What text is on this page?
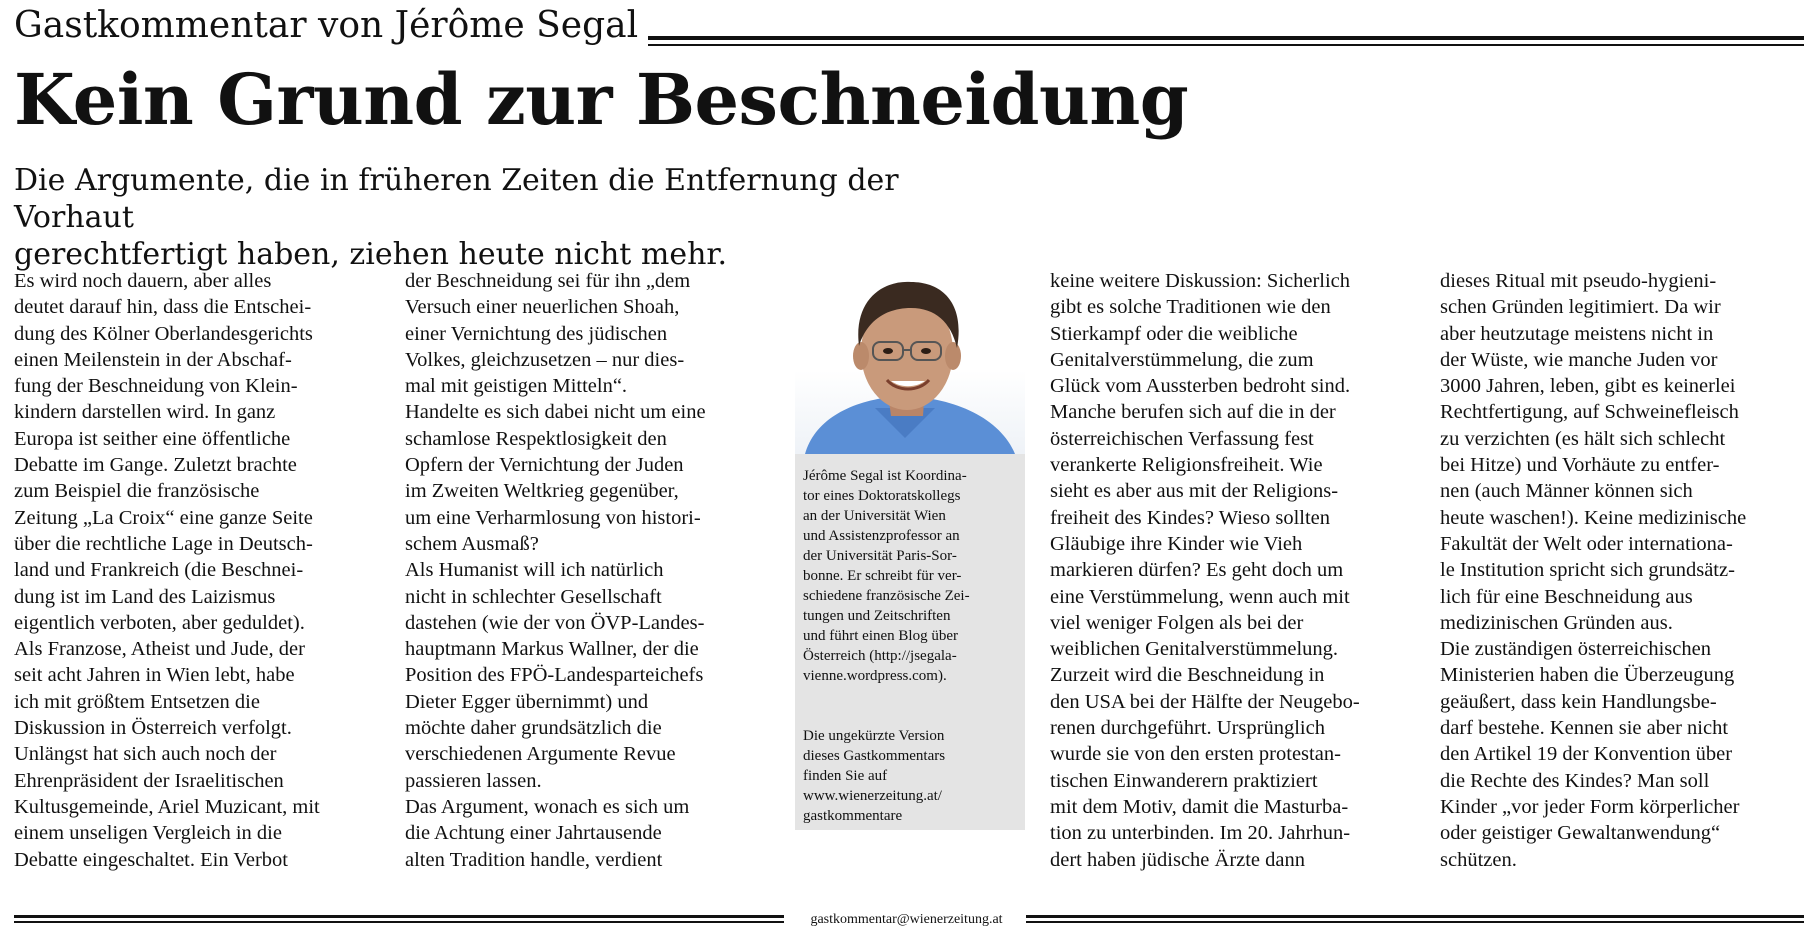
Gastkommentar von Jérôme Segal
Kein Grund zur Beschneidung

Die Argumente, die in früheren Zeiten die Entfernung der Vorhaut
gerechtfertigt haben, ziehen heute nicht mehr.

Es wird noch dauern, aber alles
deutet darauf hin, dass die Entschei-
dung des Kölner Oberlandesgerichts
einen Meilenstein in der Abschaf-
fung der Beschneidung von Klein-
kindern darstellen wird. In ganz
Europa ist seither eine öffentliche
Debatte im Gange. Zuletzt brachte
zum Beispiel die französische
Zeitung „La Croix“ eine ganze Seite
über die rechtliche Lage in Deutsch-
land und Frankreich (die Beschnei-
dung ist im Land des Laizismus
eigentlich verboten, aber geduldet).
Als Franzose, Atheist und Jude, der
seit acht Jahren in Wien lebt, habe
ich mit größtem Entsetzen die
Diskussion in Österreich verfolgt.
Unlängst hat sich auch noch der
Ehrenpräsident der Israelitischen
Kultusgemeinde, Ariel Muzicant, mit
einem unseligen Vergleich in die
Debatte eingeschaltet. Ein Verbot

der Beschneidung sei für ihn „dem
Versuch einer neuerlichen Shoah,
einer Vernichtung des jüdischen
Volkes, gleichzusetzen – nur dies-
mal mit geistigen Mitteln“.
Handelte es sich dabei nicht um eine
schamlose Respektlosigkeit den
Opfern der Vernichtung der Juden
im Zweiten Weltkrieg gegenüber,
um eine Verharmlosung von histori-
schem Ausmaß?
Als Humanist will ich natürlich
nicht in schlechter Gesellschaft
dastehen (wie der von ÖVP-Landes-
hauptmann Markus Wallner, der die
Position des FPÖ-Landesparteichefs
Dieter Egger übernimmt) und
möchte daher grundsätzlich die
verschiedenen Argumente Revue
passieren lassen.
Das Argument, wonach es sich um
die Achtung einer Jahrtausende
alten Tradition handle, verdient

Jérôme Segal ist Koordina-
tor eines Doktoratskollegs
an der Universität Wien
und Assistenzprofessor an
der Universität Paris-Sor-
bonne. Er schreibt für ver-
schiedene französische Zei-
tungen und Zeitschriften
und führt einen Blog über
Österreich (http://jsegala-
vienne.wordpress.com).

Die ungekürzte Version
dieses Gastkommentars
finden Sie auf
www.wienerzeitung.at/
gastkommentare

keine weitere Diskussion: Sicherlich
gibt es solche Traditionen wie den
Stierkampf oder die weibliche
Genitalverstümmelung, die zum
Glück vom Aussterben bedroht sind.
Manche berufen sich auf die in der
österreichischen Verfassung fest
verankerte Religionsfreiheit. Wie
sieht es aber aus mit der Religions-
freiheit des Kindes? Wieso sollten
Gläubige ihre Kinder wie Vieh
markieren dürfen? Es geht doch um
eine Verstümmelung, wenn auch mit
viel weniger Folgen als bei der
weiblichen Genitalverstümmelung.
Zurzeit wird die Beschneidung in
den USA bei der Hälfte der Neugebo-
renen durchgeführt. Ursprünglich
wurde sie von den ersten protestan-
tischen Einwanderern praktiziert
mit dem Motiv, damit die Masturba-
tion zu unterbinden. Im 20. Jahrhun-
dert haben jüdische Ärzte dann

dieses Ritual mit pseudo-hygieni-
schen Gründen legitimiert. Da wir
aber heutzutage meistens nicht in
der Wüste, wie manche Juden vor
3000 Jahren, leben, gibt es keinerlei
Rechtfertigung, auf Schweinefleisch
zu verzichten (es hält sich schlecht
bei Hitze) und Vorhäute zu entfer-
nen (auch Männer können sich
heute waschen!). Keine medizinische
Fakultät der Welt oder internationa-
le Institution spricht sich grundsätz-
lich für eine Beschneidung aus
medizinischen Gründen aus.
Die zuständigen österreichischen
Ministerien haben die Überzeugung
geäußert, dass kein Handlungsbe-
darf bestehe. Kennen sie aber nicht
den Artikel 19 der Konvention über
die Rechte des Kindes? Man soll
Kinder „vor jeder Form körperlicher
oder geistiger Gewaltanwendung“
schützen.

gastkommentar@wienerzeitung.at
